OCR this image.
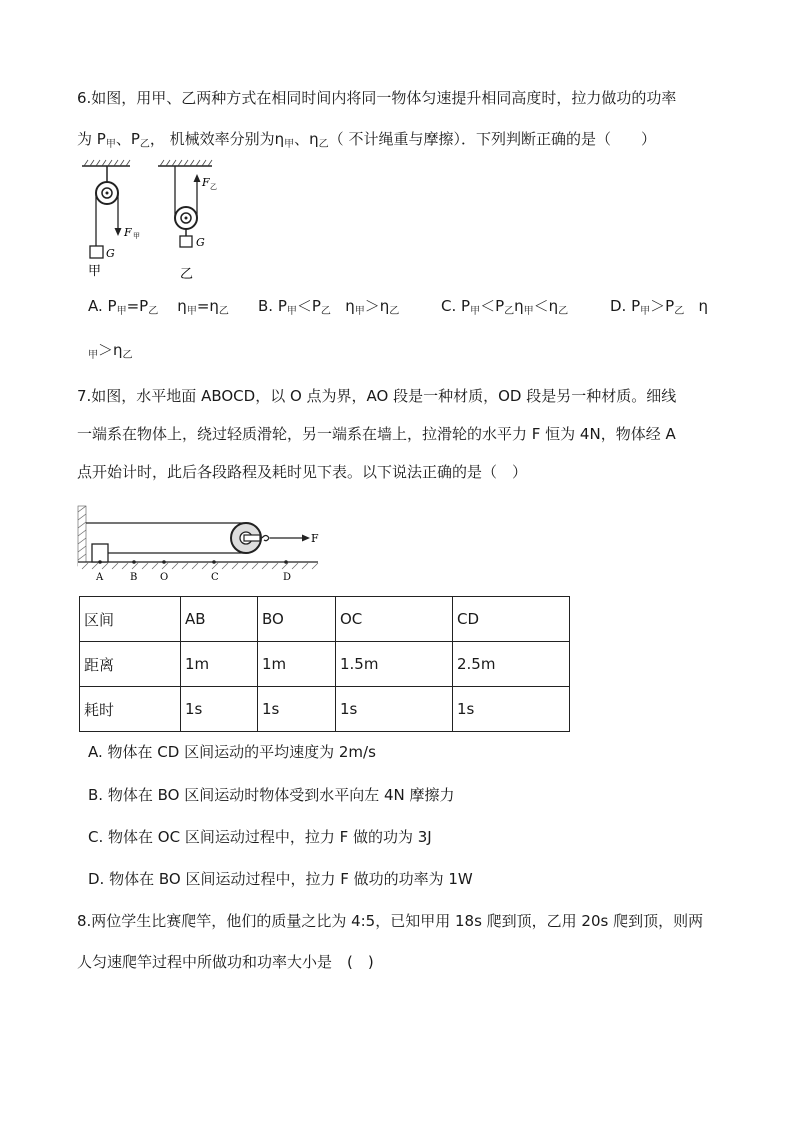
6.如图，用甲、乙两种方式在相同时间内将同一物体匀速提升相同高度时，拉力做功的功率
为 $P_甲$、$P_乙$， 机械效率分别为$\eta_甲$、$\eta_乙$（ 不计绳重与摩擦）．下列判断正确的是（　　）
G
F 甲
甲
G
F 乙
乙
A. $P_甲=P_乙$ $\eta_甲=\eta_乙$ B. $P_甲<P_乙$ $\eta_甲>\eta_乙$	C. $P_甲<P_乙\eta_甲<\eta_乙$	D. $P_甲>P_乙$ η
$_甲>\eta_乙$
7.如图，水平地面 ABOCD，以 O 点为界，AO 段是一种材质，OD 段是另一种材质。细线
一端系在物体上，绕过轻质滑轮，另一端系在墙上，拉滑轮的水平力 F 恒为 4N，物体经 A
点开始计时，此后各段路程及耗时见下表。以下说法正确的是（　）
F
A	B O	C	D
区间	AB	BO	OC	CD
距离	1m	1m	1.5m	2.5m
耗时	1s	1s	1s	1s
A. 物体在 CD 区间运动的平均速度为 2m/s
B. 物体在 BO 区间运动时物体受到水平向左 4N 摩擦力
C. 物体在 OC 区间运动过程中，拉力 F 做的功为 3J
D. 物体在 BO 区间运动过程中，拉力 F 做功的功率为 1W
8.两位学生比赛爬竿，他们的质量之比为 4:5，已知甲用 18s 爬到顶，乙用 20s 爬到顶，则两
人匀速爬竿过程中所做功和功率大小是　(　)
